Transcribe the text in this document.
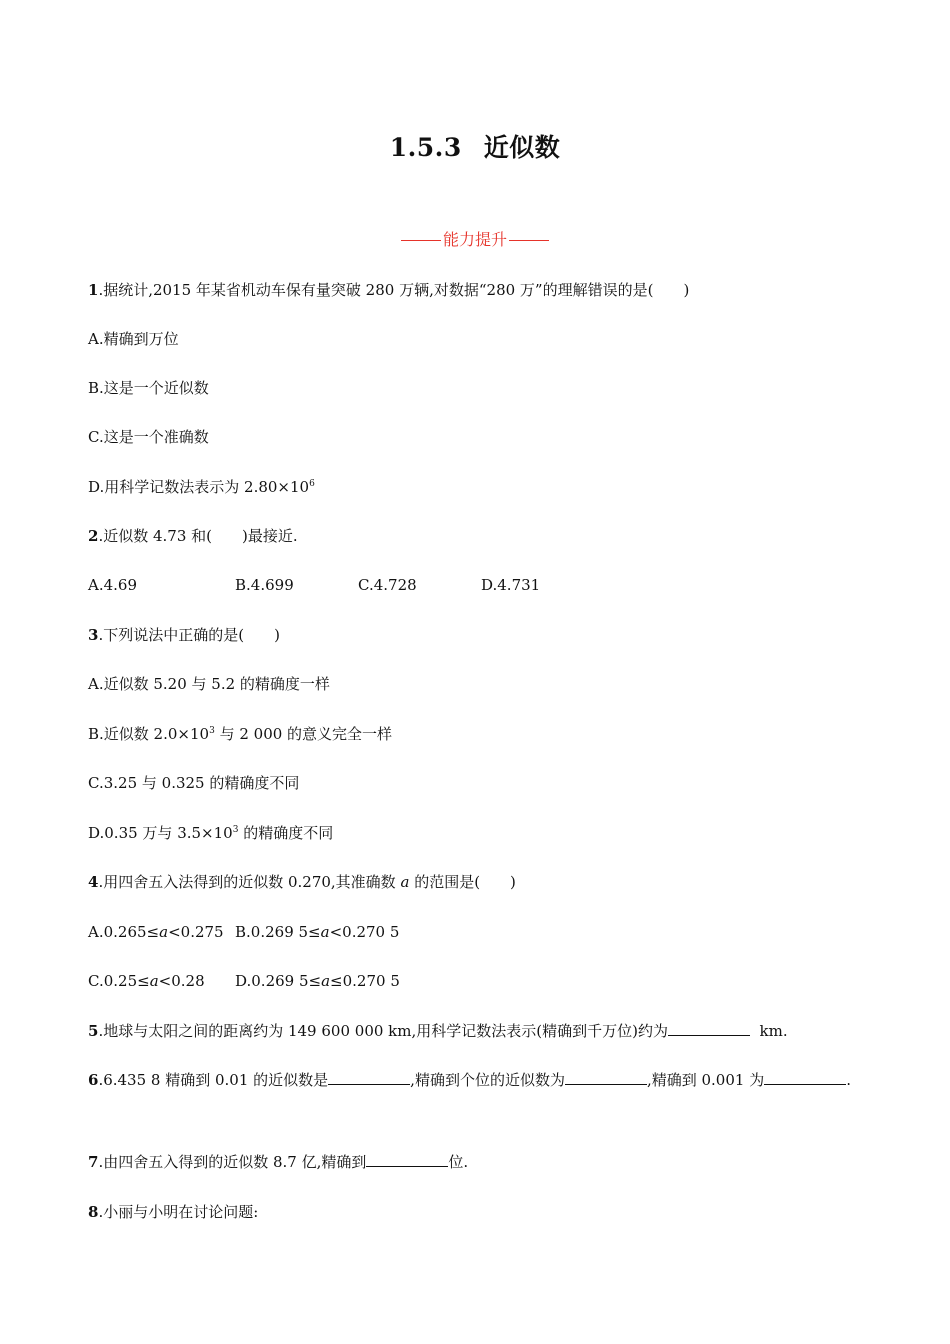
1.5.3 近似数
能力提升
1.据统计,2015 年某省机动车保有量突破 280 万辆,对数据“280 万”的理解错误的是( )
A.精确到万位
B.这是一个近似数
C.这是一个准确数
D.用科学记数法表示为 $2.80\times 10^6$
2.近似数 4.73 和( )最接近.
A.4.69	B.4.699	C.4.728	D.4.731
3.下列说法中正确的是( )
A.近似数 5.20 与 5.2 的精确度一样
B.近似数 $2.0\times 10^3$ 与 2 000 的意义完全一样
C.3.25 与 0.325 的精确度不同
D.0.35 万与 $3.5\times 10^3$ 的精确度不同
4.用四舍五入法得到的近似数 0.270,其准确数 a 的范围是( )
A.0.265≤a<0.275 B.0.269 5≤a<0.270 5
C.0.25≤a<0.28 D.0.269 5≤a≤0.270 5
5.地球与太阳之间的距离约为 149 600 000 km,用科学记数法表示(精确到千万位)约为	km.
6.6.435 8 精确到 0.01 的近似数是	,精确到个位的近似数为	,精确到 0.001 为	.
7.由四舍五入得到的近似数 8.7 亿,精确到	位.
8.小丽与小明在讨论问题:
